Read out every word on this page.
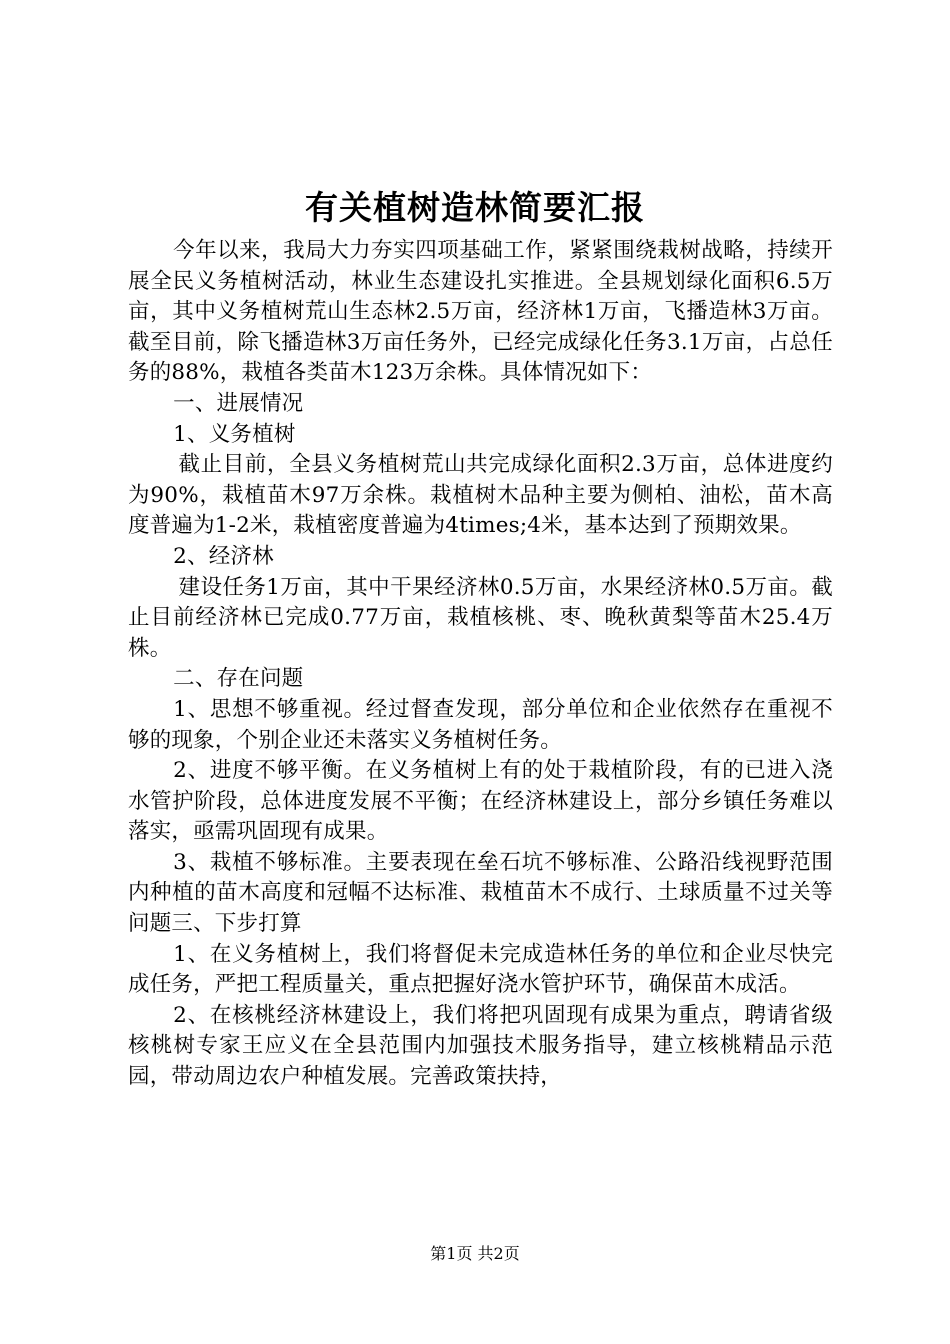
有关植树造林简要汇报

今年以来，我局大力夯实四项基础工作，紧紧围绕栽树战略，持续开展全民义务植树活动，林业生态建设扎实推进。全县规划绿化面积6.5万亩，其中义务植树荒山生态林2.5万亩，经济林1万亩，飞播造林3万亩。截至目前，除飞播造林3万亩任务外，已经完成绿化任务3.1万亩，占总任务的88%，栽植各类苗木123万余株。具体情况如下：

一、进展情况

1、义务植树

截止目前，全县义务植树荒山共完成绿化面积2.3万亩，总体进度约为90%，栽植苗木97万余株。栽植树木品种主要为侧柏、油松，苗木高度普遍为1-2米，栽植密度普遍为4times;4米，基本达到了预期效果。

2、经济林

建设任务1万亩，其中干果经济林0.5万亩，水果经济林0.5万亩。截止目前经济林已完成0.77万亩，栽植核桃、枣、晚秋黄梨等苗木25.4万株。

二、存在问题

1、思想不够重视。经过督查发现，部分单位和企业依然存在重视不够的现象，个别企业还未落实义务植树任务。

2、进度不够平衡。在义务植树上有的处于栽植阶段，有的已进入浇水管护阶段，总体进度发展不平衡；在经济林建设上，部分乡镇任务难以落实，亟需巩固现有成果。

3、栽植不够标准。主要表现在垒石坑不够标准、公路沿线视野范围内种植的苗木高度和冠幅不达标准、栽植苗木不成行、土球质量不过关等问题三、下步打算

1、在义务植树上，我们将督促未完成造林任务的单位和企业尽快完成任务，严把工程质量关，重点把握好浇水管护环节，确保苗木成活。

2、在核桃经济林建设上，我们将把巩固现有成果为重点，聘请省级核桃树专家王应义在全县范围内加强技术服务指导，建立核桃精品示范园，带动周边农户种植发展。完善政策扶持，

第1页 共2页
